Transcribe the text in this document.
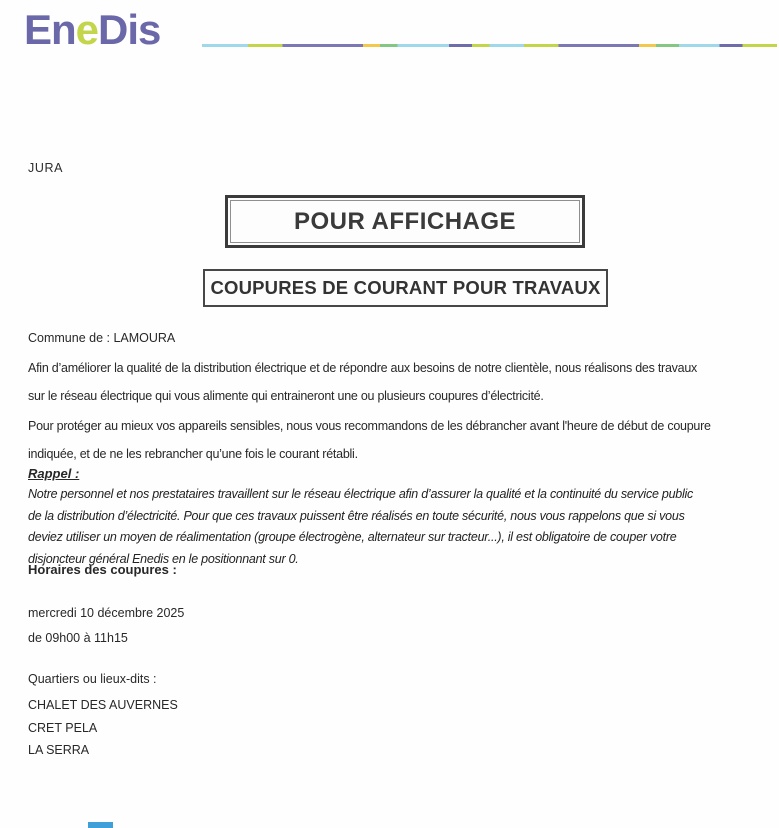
EneDis
JURA
POUR AFFICHAGE
COUPURES DE COURANT POUR TRAVAUX
Commune de : LAMOURA
Afin d’améliorer la qualité de la distribution électrique et de répondre aux besoins de notre clientèle, nous réalisons des travaux
sur le réseau électrique qui vous alimente qui entraineront une ou plusieurs coupures d’électricité.
Pour protéger au mieux vos appareils sensibles, nous vous recommandons de les débrancher avant l'heure de début de coupure
indiquée, et de ne les rebrancher qu’une fois le courant rétabli.
Rappel :
Notre personnel et nos prestataires travaillent sur le réseau électrique afin d’assurer la qualité et la continuité du service public
de la distribution d’électricité. Pour que ces travaux puissent être réalisés en toute sécurité, nous vous rappelons que si vous
deviez utiliser un moyen de réalimentation (groupe électrogène, alternateur sur tracteur...), il est obligatoire de couper votre
disjoncteur général Enedis en le positionnant sur 0.
Horaires des coupures :
mercredi 10 décembre 2025
de 09h00 à 11h15
Quartiers ou lieux-dits :
CHALET DES AUVERNES
CRET PELA
LA SERRA
